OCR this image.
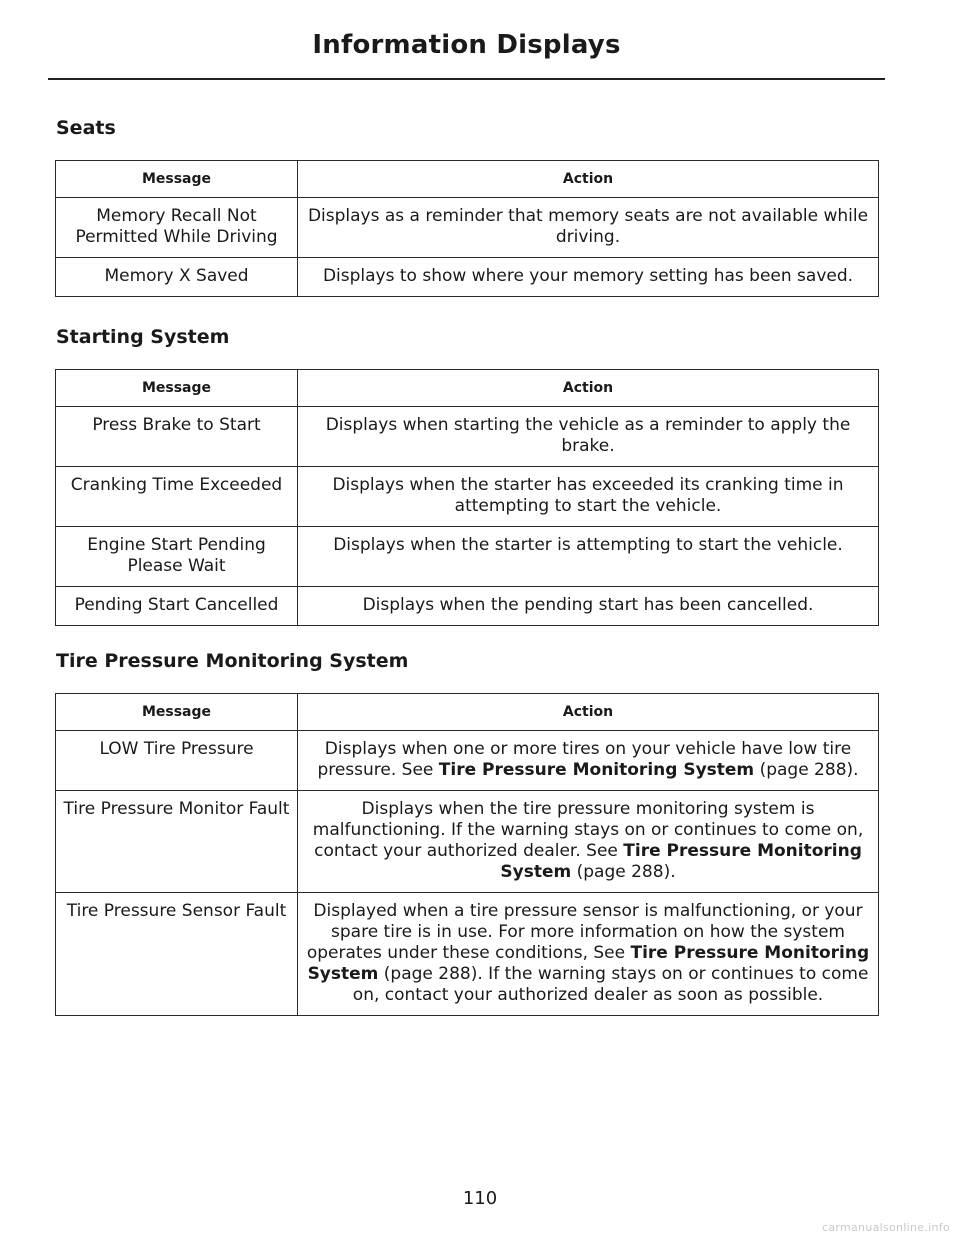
Information Displays
Seats
Message	Action
Memory Recall Not Permitted While Driving	Displays as a reminder that memory seats are not available while driving.
Memory X Saved	Displays to show where your memory setting has been saved.
Starting System
Message	Action
Press Brake to Start	Displays when starting the vehicle as a reminder to apply the brake.
Cranking Time Exceeded	Displays when the starter has exceeded its cranking time in attempting to start the vehicle.
Engine Start Pending Please Wait	Displays when the starter is attempting to start the vehicle.
Pending Start Cancelled	Displays when the pending start has been cancelled.
Tire Pressure Monitoring System
Message	Action
LOW Tire Pressure	Displays when one or more tires on your vehicle have low tire pressure. See Tire Pressure Monitoring System (page 288).
Tire Pressure Monitor Fault	Displays when the tire pressure monitoring system is malfunctioning. If the warning stays on or continues to come on, contact your authorized dealer. See Tire Pressure Monitoring System (page 288).
Tire Pressure Sensor Fault	Displayed when a tire pressure sensor is malfunctioning, or your spare tire is in use. For more information on how the system operates under these conditions, See Tire Pressure Monitoring System (page 288). If the warning stays on or continues to come on, contact your authorized dealer as soon as possible.
110
carmanualsonline.info
